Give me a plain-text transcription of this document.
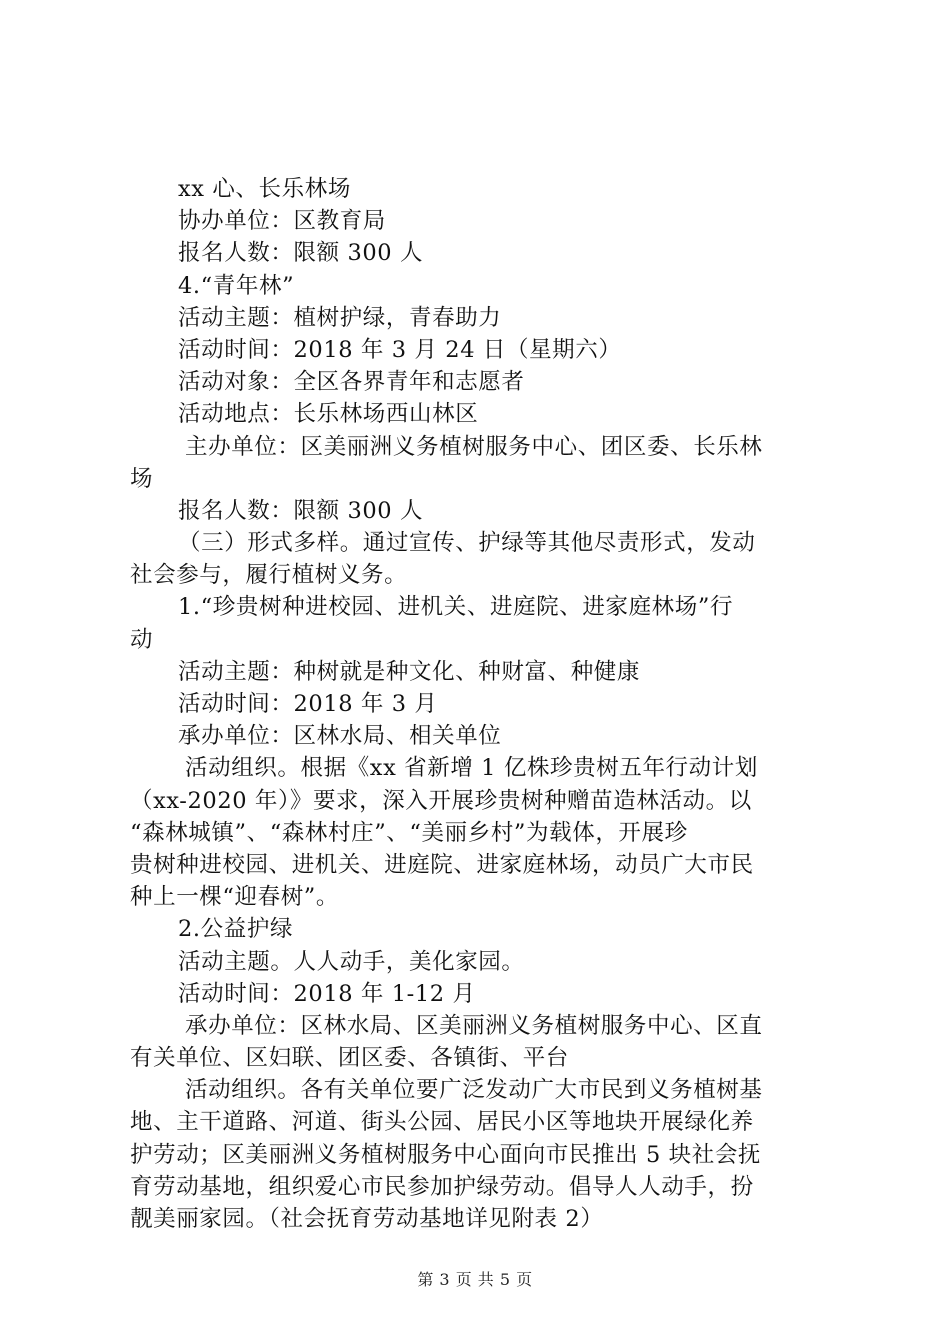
xx 心、长乐林场
协办单位：区教育局
报名人数：限额 300 人
4.“青年林”
活动主题：植树护绿，青春助力
活动时间：2018 年 3 月 24 日（星期六）
活动对象：全区各界青年和志愿者
活动地点：长乐林场西山林区
主办单位：区美丽洲义务植树服务中心、团区委、长乐林
场
报名人数：限额 300 人
（三）形式多样。通过宣传、护绿等其他尽责形式，发动
社会参与，履行植树义务。
1.“珍贵树种进校园、进机关、进庭院、进家庭林场”行
动
活动主题：种树就是种文化、种财富、种健康
活动时间：2018 年 3 月
承办单位：区林水局、相关单位
活动组织。根据《xx 省新增 1 亿株珍贵树五年行动计划
（xx-2020 年）》要求，深入开展珍贵树种赠苗造林活动。以
“森林城镇”、“森林村庄”、“美丽乡村”为载体，开展珍
贵树种进校园、进机关、进庭院、进家庭林场，动员广大市民
种上一棵“迎春树”。
2.公益护绿
活动主题。人人动手，美化家园。
活动时间：2018 年 1-12 月
承办单位：区林水局、区美丽洲义务植树服务中心、区直
有关单位、区妇联、团区委、各镇街、平台
活动组织。各有关单位要广泛发动广大市民到义务植树基
地、主干道路、河道、街头公园、居民小区等地块开展绿化养
护劳动；区美丽洲义务植树服务中心面向市民推出 5 块社会抚
育劳动基地，组织爱心市民参加护绿劳动。倡导人人动手，扮
靓美丽家园。（社会抚育劳动基地详见附表 2）
第 3 页 共 5 页
